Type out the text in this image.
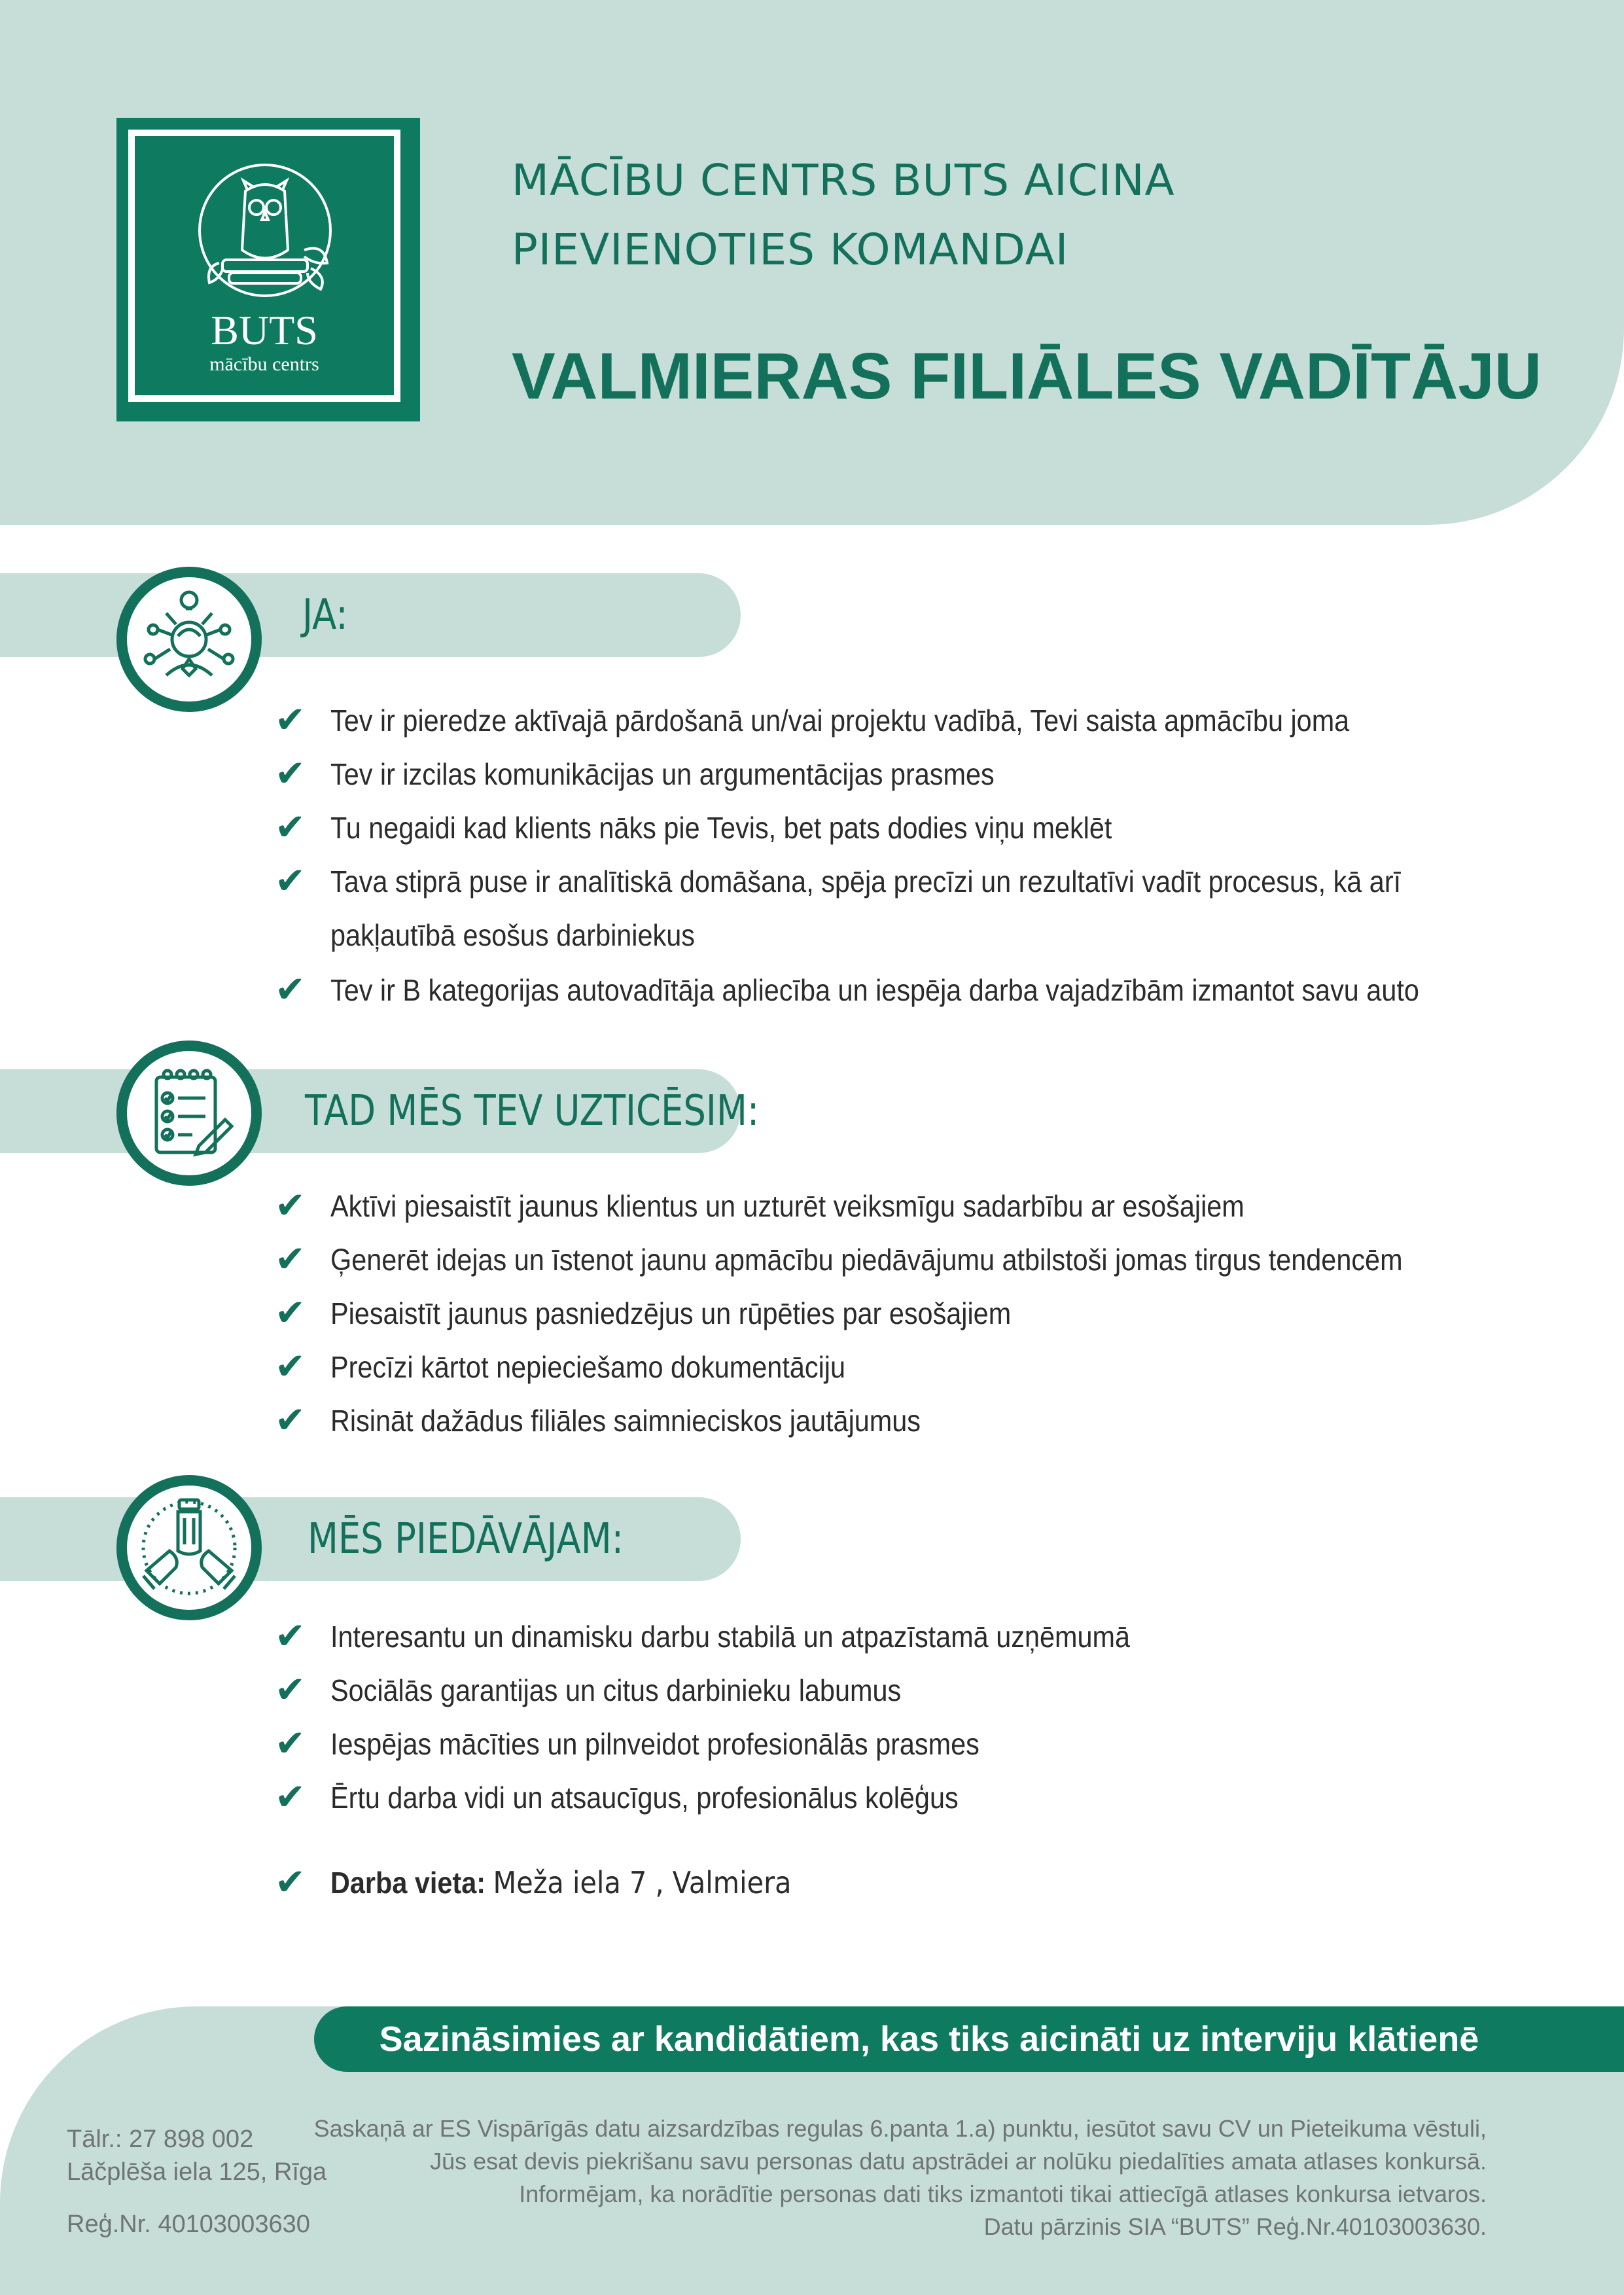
BUTS
mācību centrs
MĀCĪBU CENTRS BUTS AICINA
PIEVIENOTIES KOMANDAI
VALMIERAS FILIĀLES VADĪTĀJU
JA:
✔ Tev ir pieredze aktīvajā pārdošanā un/vai projektu vadībā, Tevi saista apmācību joma
✔ Tev ir izcilas komunikācijas un argumentācijas prasmes
✔ Tu negaidi kad klients nāks pie Tevis, bet pats dodies viņu meklēt
✔ Tava stiprā puse ir analītiskā domāšana, spēja precīzi un rezultatīvi vadīt procesus, kā arī pakļautībā esošus darbiniekus
✔ Tev ir B kategorijas autovadītāja apliecība un iespēja darba vajadzībām izmantot savu auto
TAD MĒS TEV UZTICĒSIM:
✔ Aktīvi piesaistīt jaunus klientus un uzturēt veiksmīgu sadarbību ar esošajiem
✔ Ģenerēt idejas un īstenot jaunu apmācību piedāvājumu atbilstoši jomas tirgus tendencēm
✔ Piesaistīt jaunus pasniedzējus un rūpēties par esošajiem
✔ Precīzi kārtot nepieciešamo dokumentāciju
✔ Risināt dažādus filiāles saimnieciskos jautājumus
MĒS PIEDĀVĀJAM:
✔ Interesantu un dinamisku darbu stabilā un atpazīstamā uzņēmumā
✔ Sociālās garantijas un citus darbinieku labumus
✔ Iespējas mācīties un pilnveidot profesionālās prasmes
✔ Ērtu darba vidi un atsaucīgus, profesionālus kolēģus
✔ Darba vieta: Meža iela 7 , Valmiera
Sazināsimies ar kandidātiem, kas tiks aicināti uz interviju klātienē
Tālr.: 27 898 002
Lāčplēša iela 125, Rīga
Reģ.Nr. 40103003630
Saskaņā ar ES Vispārīgās datu aizsardzības regulas 6.panta 1.a) punktu, iesūtot savu CV un Pieteikuma vēstuli,
Jūs esat devis piekrišanu savu personas datu apstrādei ar nolūku piedalīties amata atlases konkursā.
Informējam, ka norādītie personas dati tiks izmantoti tikai attiecīgā atlases konkursa ietvaros.
Datu pārzinis SIA “BUTS” Reģ.Nr.40103003630.
